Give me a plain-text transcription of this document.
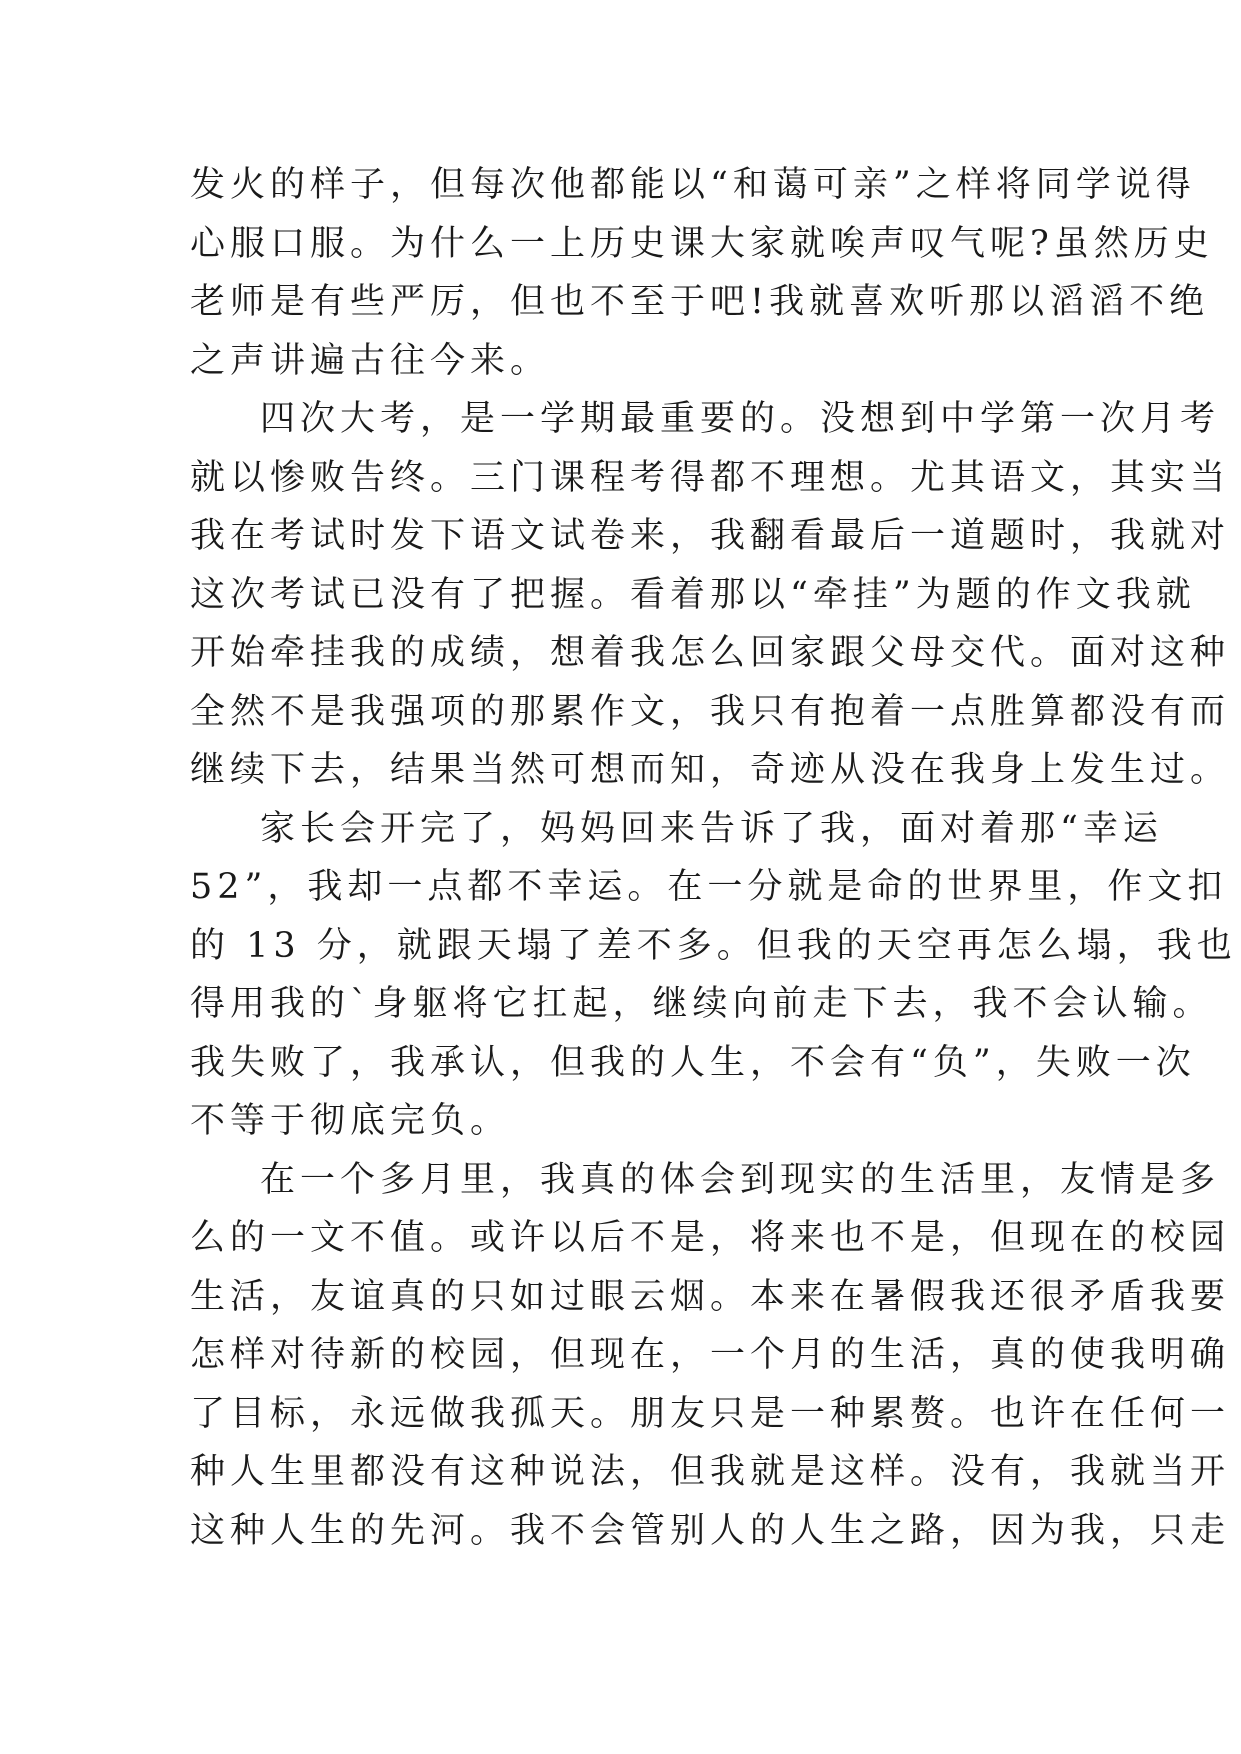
发火的样子，但每次他都能以“和蔼可亲”之样将同学说得
心服口服。为什么一上历史课大家就唉声叹气呢?虽然历史
老师是有些严厉，但也不至于吧!我就喜欢听那以滔滔不绝
之声讲遍古往今来。
四次大考，是一学期最重要的。没想到中学第一次月考
就以惨败告终。三门课程考得都不理想。尤其语文，其实当
我在考试时发下语文试卷来，我翻看最后一道题时，我就对
这次考试已没有了把握。看着那以“牵挂”为题的作文我就
开始牵挂我的成绩，想着我怎么回家跟父母交代。面对这种
全然不是我强项的那累作文，我只有抱着一点胜算都没有而
继续下去，结果当然可想而知，奇迹从没在我身上发生过。
家长会开完了，妈妈回来告诉了我，面对着那“幸运
52”，我却一点都不幸运。在一分就是命的世界里，作文扣
的 13 分，就跟天塌了差不多。但我的天空再怎么塌，我也
得用我的`身躯将它扛起，继续向前走下去，我不会认输。
我失败了，我承认，但我的人生，不会有“负”，失败一次
不等于彻底完负。
在一个多月里，我真的体会到现实的生活里，友情是多
么的一文不值。或许以后不是，将来也不是，但现在的校园
生活，友谊真的只如过眼云烟。本来在暑假我还很矛盾我要
怎样对待新的校园，但现在，一个月的生活，真的使我明确
了目标，永远做我孤天。朋友只是一种累赘。也许在任何一
种人生里都没有这种说法，但我就是这样。没有，我就当开
这种人生的先河。我不会管别人的人生之路，因为我，只走
